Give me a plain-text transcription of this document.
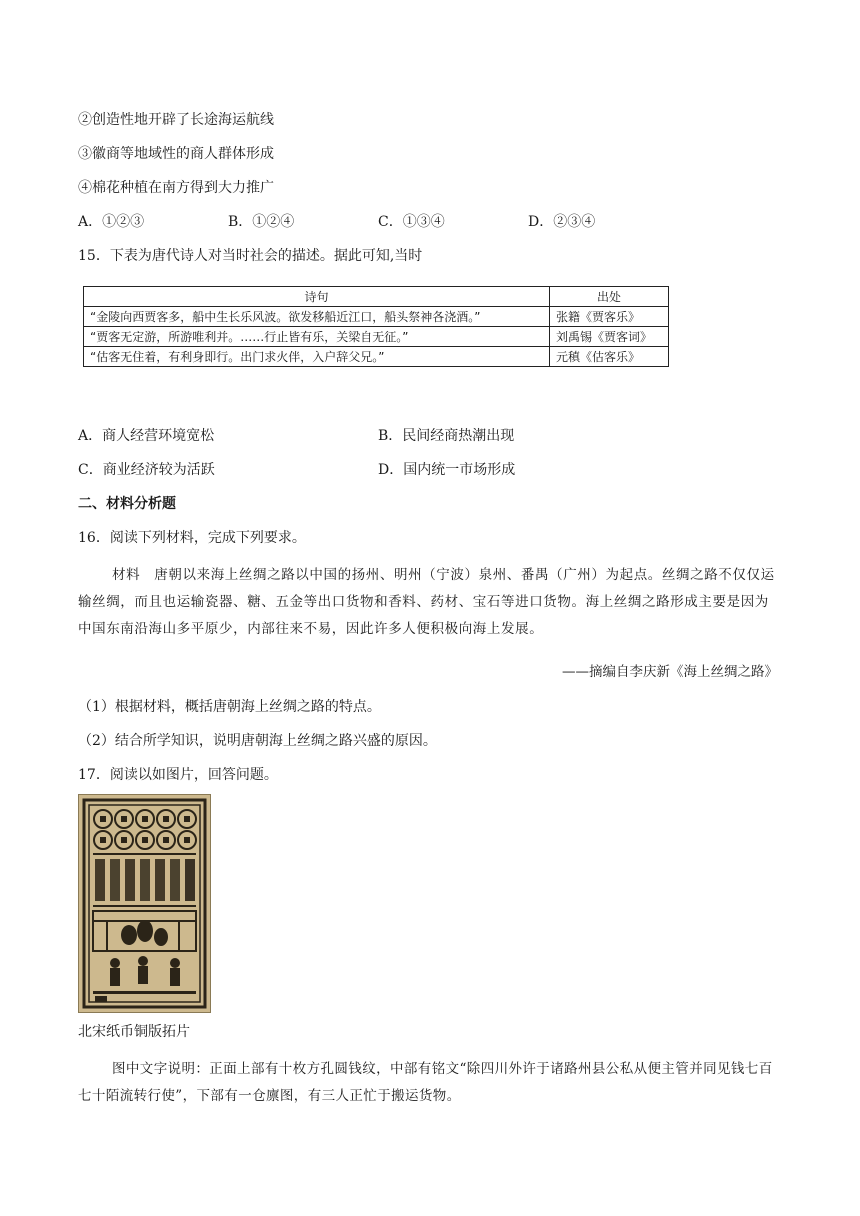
②创造性地开辟了长途海运航线
③徽商等地域性的商人群体形成
④棉花种植在南方得到大力推广
A．①②③	B．①②④	C．①③④	D．②③④
15．下表为唐代诗人对当时社会的描述。据此可知,当时
诗句	出处
“金陵向西贾客多，船中生长乐风波。欲发移船近江口，船头祭神各浇酒。”	张籍《贾客乐》
“贾客无定游，所游唯利并。……行止皆有乐，关梁自无征。”	刘禹锡《贾客词》
“估客无住着，有利身即行。出门求火伴，入户辞父兄。”	元稹《估客乐》
A．商人经营环境宽松	B．民间经商热潮出现
C．商业经济较为活跃	D．国内统一市场形成
二、材料分析题
16．阅读下列材料，完成下列要求。
材料　唐朝以来海上丝绸之路以中国的扬州、明州（宁波）泉州、番禺（广州）为起点。丝绸之路不仅仅运输丝绸，而且也运输瓷器、糖、五金等出口货物和香料、药材、宝石等进口货物。海上丝绸之路形成主要是因为中国东南沿海山多平原少，内部往来不易，因此许多人便积极向海上发展。
——摘编自李庆新《海上丝绸之路》
（1）根据材料，概括唐朝海上丝绸之路的特点。
（2）结合所学知识，说明唐朝海上丝绸之路兴盛的原因。
17．阅读以如图片，回答问题。
北宋纸币铜版拓片
图中文字说明：正面上部有十枚方孔圆钱纹，中部有铭文“除四川外许于诸路州县公私从便主管并同见钱七百七十陌流转行使”，下部有一仓廪图，有三人正忙于搬运货物。
